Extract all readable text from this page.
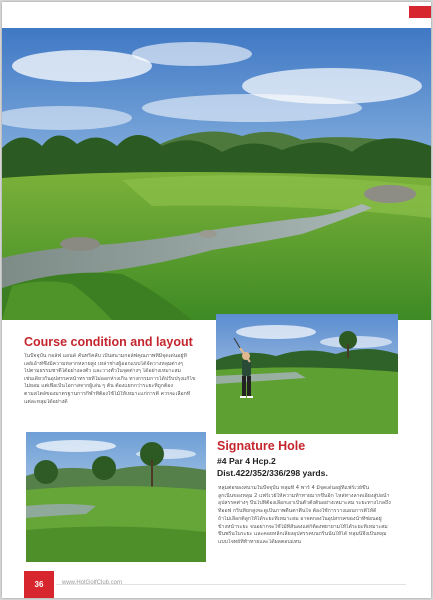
Course condition and layout
ในปัจจุบัน กอล์ฟ แอนด์ คันทรีคลับ เป็นสนามกอล์ฟคุณภาพที่มีจุดเด่นอยู่ที่
เลย์เอ้าท์ซึ่งมีความหลากหลายสูง เหล่าช่างผู้ออกแบบได้จัดวางหลุมต่างๆ
ไปตามธรรมชาติได้อย่างลงตัว และวางตัวในจุดต่างๆ ได้อย่างเหมาะสม
เช่นเดียวกันอุปสรรคหน้าทรายที่ไม่ออกห่างเกิน ทางกรรมการได้ปรับปรุงแก้ไข
ไม่ยอม แต่เพื่อเป็นโอกาสจากผู้เล่น ๆ ต้น ต้องแยกกว่าระยะที่ถูกต้อง
ตามสไตล์ของมาตรฐานการกีฬาที่ต้องใช้ไม้ให้เหมาะแก่การตี ควรจะเลือกที่
แต่ละหลุมได้อย่างดี
Signature Hole
#4 Par 4 Hcp.2
Dist.422/352/336/298 yards.
หลุมต่อของสนามในปัจจุบัน หลุมที่ 4 พาร์ 4 มีจุดเด่นอยู่ที่แฟร์เวย์ขึ้น
ลูกเนินของหลุม 2 แฟร์เวย์ให้ความท้าทายมากขึ้นอีก ไหล่ทางลาดเอียงสู่บ่อน้ำ
อุปสรรคต่างๆ ปีนไปที่ต้องเลือกเอาเป็นตัวตั้งต้นอย่างเหมาะสม ระยะทางไกลถึง
ทีออฟ กรีนที่ยกสูงจะดูเป็นภาพตื่นตาตื่นใจ ต้องใช้การวางแผนการตีให้ดี
ถ้าไม่เลือกตีลูกให้ได้ระยะที่เหมาะสม อาจตกลงในอุปสรรคของน้ำที่ซ่อนอยู่
ข้างหน้าระยะ จนอยากจะใช้ไม้ที่สั้นลงแต่ก็ต้องพยายามให้ได้ระยะที่เหมาะสม
ขึ้นพรีนในระยะ และคอยหลีกเลี่ยงอุปสรรคบนกรีนนั้นให้ได้ หลุมนี้จึงเป็นหลุม
แบบโจทย์ที่ท้าทายและได้ผลตอบแทน
36	www.HotGolfClub.com
